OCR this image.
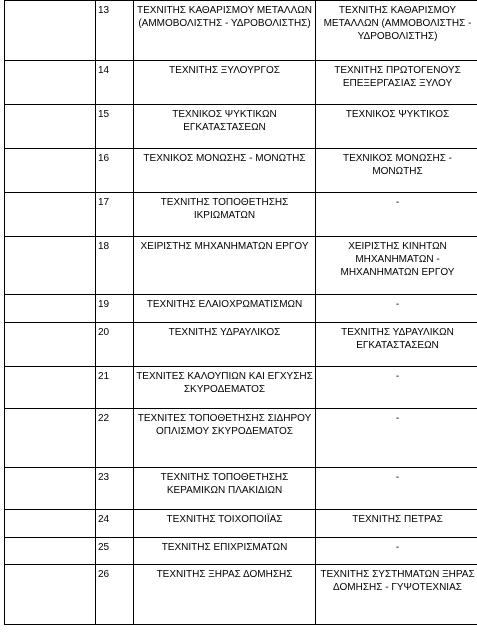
	13	ΤΕΧΝΙΤΗΣ ΚΑΘΑΡΙΣΜΟΥ ΜΕΤΑΛΛΩΝ (ΑΜΜΟΒΟΛΙΣΤΗΣ - ΥΔΡΟΒΟΛΙΣΤΗΣ)	ΤΕΧΝΙΤΗΣ ΚΑΘΑΡΙΣΜΟΥ ΜΕΤΑΛΛΩΝ (ΑΜΜΟΒΟΛΙΣΤΗΣ - ΥΔΡΟΒΟΛΙΣΤΗΣ)
	14	ΤΕΧΝΙΤΗΣ ΞΥΛΟΥΡΓΟΣ	ΤΕΧΝΙΤΗΣ ΠΡΩΤΟΓΕΝΟΥΣ ΕΠΕΞΕΡΓΑΣΙΑΣ ΞΥΛΟΥ
	15	ΤΕΧΝΙΚΟΣ ΨΥΚΤΙΚΩΝ ΕΓΚΑΤΑΣΤΑΣΕΩΝ	ΤΕΧΝΙΚΟΣ ΨΥΚΤΙΚΟΣ
	16	ΤΕΧΝΙΚΟΣ ΜΟΝΩΣΗΣ - ΜΟΝΩΤΗΣ	ΤΕΧΝΙΚΟΣ ΜΟΝΩΣΗΣ - ΜΟΝΩΤΗΣ
	17	ΤΕΧΝΙΤΗΣ ΤΟΠΟΘΕΤΗΣΗΣ ΙΚΡΙΩΜΑΤΩΝ	-
	18	ΧΕΙΡΙΣΤΗΣ ΜΗΧΑΝΗΜΑΤΩΝ ΕΡΓΟΥ	ΧΕΙΡΙΣΤΗΣ ΚΙΝΗΤΩΝ ΜΗΧΑΝΗΜΑΤΩΝ - ΜΗΧΑΝΗΜΑΤΩΝ ΕΡΓΟΥ
	19	ΤΕΧΝΙΤΗΣ ΕΛΑΙΟΧΡΩΜΑΤΙΣΜΩΝ	-
	20	ΤΕΧΝΙΤΗΣ ΥΔΡΑΥΛΙΚΟΣ	ΤΕΧΝΙΤΗΣ ΥΔΡΑΥΛΙΚΩΝ ΕΓΚΑΤΑΣΤΑΣΕΩΝ
	21	ΤΕΧΝΙΤΕΣ ΚΑΛΟΥΠΙΩΝ ΚΑΙ ΕΓΧΥΣΗΣ ΣΚΥΡΟΔΕΜΑΤΟΣ	-
	22	ΤΕΧΝΙΤΕΣ ΤΟΠΟΘΕΤΗΣΗΣ ΣΙΔΗΡΟΥ ΟΠΛΙΣΜΟΥ ΣΚΥΡΟΔΕΜΑΤΟΣ	-
	23	ΤΕΧΝΙΤΗΣ ΤΟΠΟΘΕΤΗΣΗΣ ΚΕΡΑΜΙΚΩΝ ΠΛΑΚΙΔΙΩΝ	-
	24	ΤΕΧΝΙΤΗΣ ΤΟΙΧΟΠΟΙΪΑΣ	ΤΕΧΝΙΤΗΣ ΠΕΤΡΑΣ
	25	ΤΕΧΝΙΤΗΣ ΕΠΙΧΡΙΣΜΑΤΩΝ	-
	26	ΤΕΧΝΙΤΗΣ ΞΗΡΑΣ ΔΟΜΗΣΗΣ	ΤΕΧΝΙΤΗΣ ΣΥΣΤΗΜΑΤΩΝ ΞΗΡΑΣ ΔΟΜΗΣΗΣ - ΓΥΨΟΤΕΧΝΙΑΣ
